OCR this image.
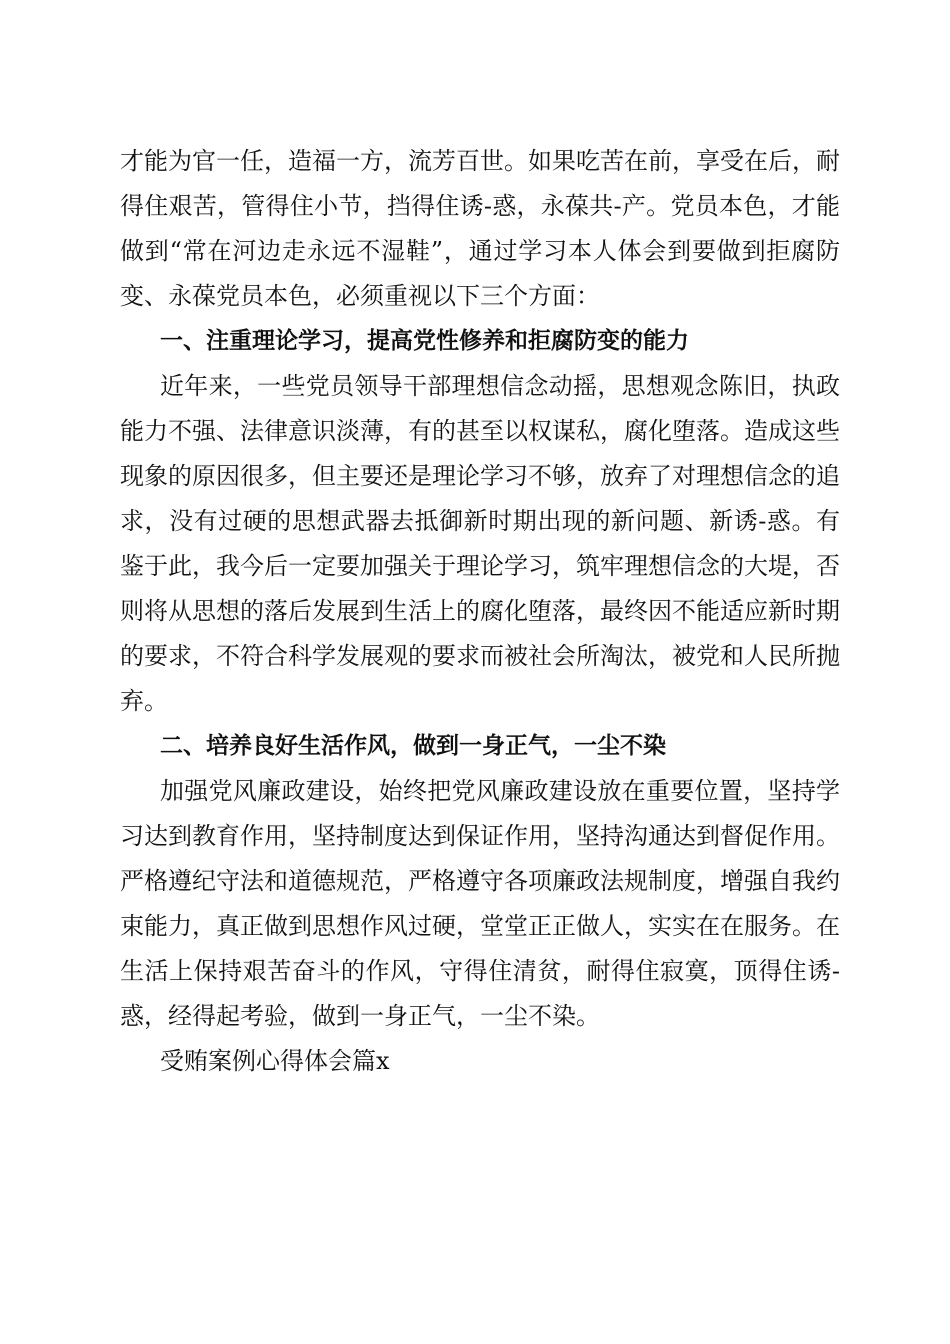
才能为官一任，造福一方，流芳百世。如果吃苦在前，享受在后，耐得住艰苦，管得住小节，挡得住诱-惑，永葆共-产。党员本色，才能做到“常在河边走永远不湿鞋”，通过学习本人体会到要做到拒腐防变、永葆党员本色，必须重视以下三个方面：

一、注重理论学习，提高党性修养和拒腐防变的能力

近年来，一些党员领导干部理想信念动摇，思想观念陈旧，执政能力不强、法律意识淡薄，有的甚至以权谋私，腐化堕落。造成这些现象的原因很多，但主要还是理论学习不够，放弃了对理想信念的追求，没有过硬的思想武器去抵御新时期出现的新问题、新诱-惑。有鉴于此，我今后一定要加强关于理论学习，筑牢理想信念的大堤，否则将从思想的落后发展到生活上的腐化堕落，最终因不能适应新时期的要求，不符合科学发展观的要求而被社会所淘汰，被党和人民所抛弃。

二、培养良好生活作风，做到一身正气，一尘不染

加强党风廉政建设，始终把党风廉政建设放在重要位置，坚持学习达到教育作用，坚持制度达到保证作用，坚持沟通达到督促作用。严格遵纪守法和道德规范，严格遵守各项廉政法规制度，增强自我约束能力，真正做到思想作风过硬，堂堂正正做人，实实在在服务。在生活上保持艰苦奋斗的作风，守得住清贫，耐得住寂寞，顶得住诱-惑，经得起考验，做到一身正气，一尘不染。

受贿案例心得体会篇x
